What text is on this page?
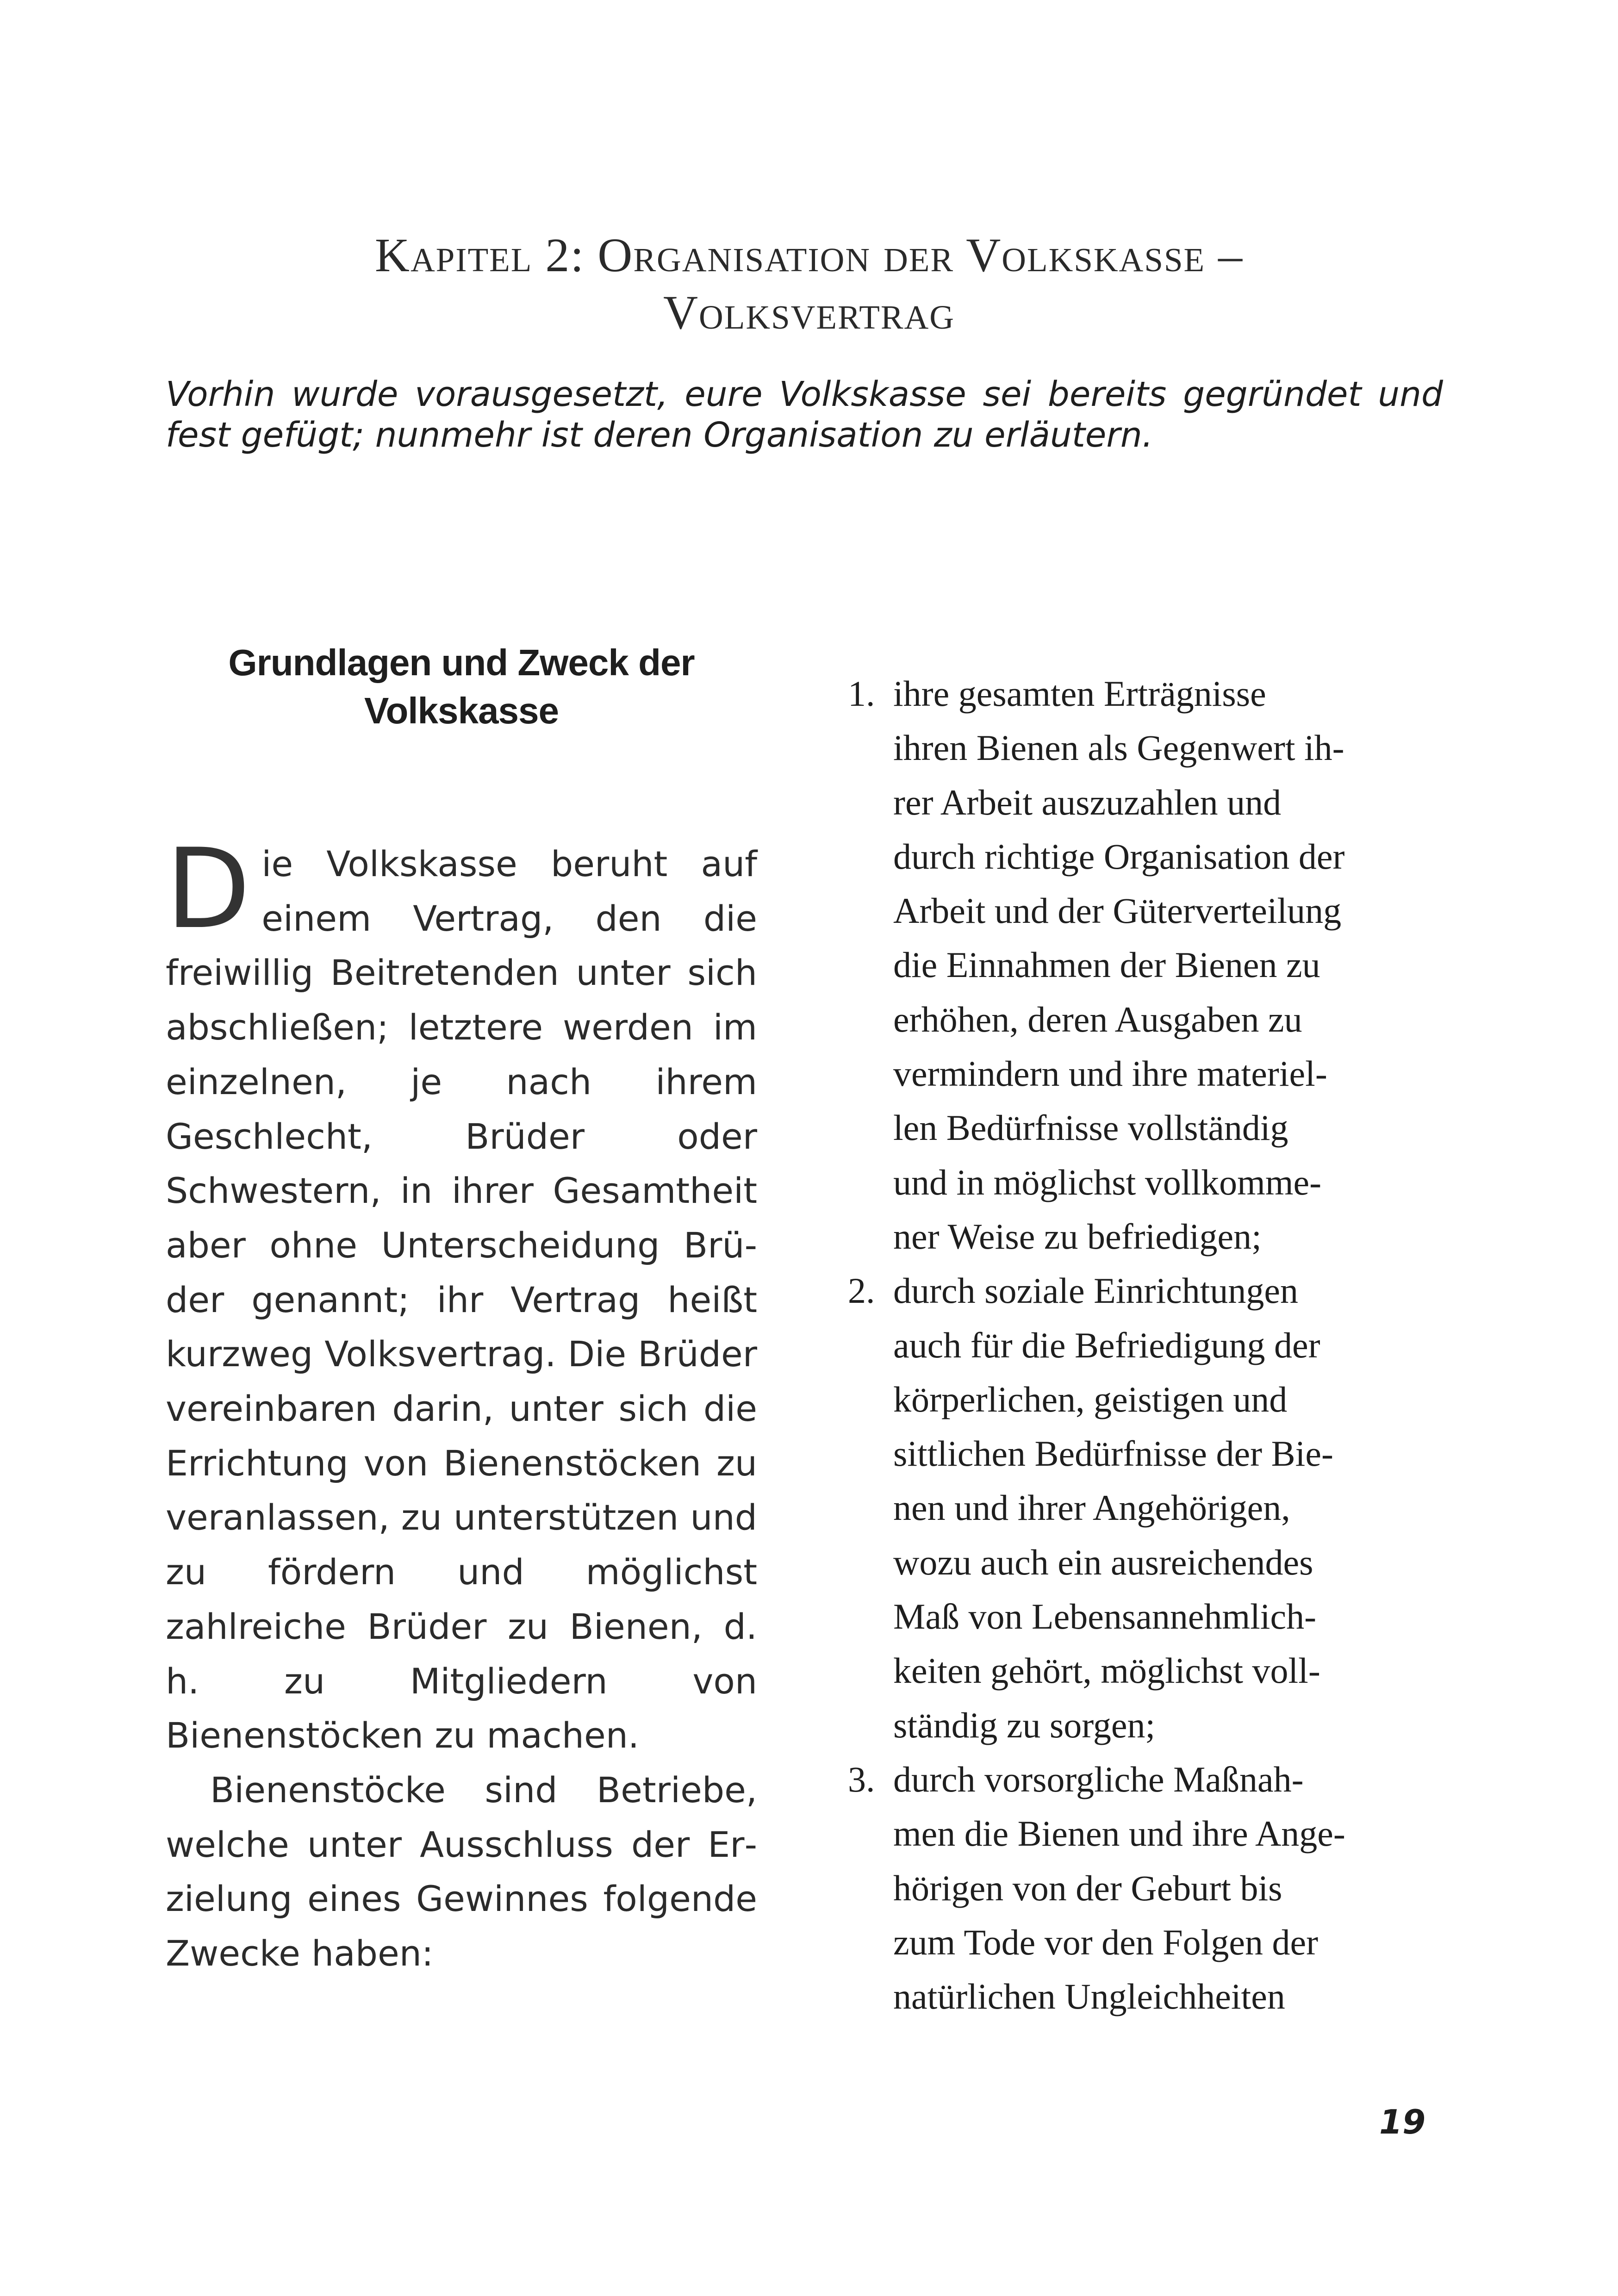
Kapitel 2: Organisation der Volkskasse –
Volksvertrag
Vorhin wurde vorausgesetzt, eure Volkskasse sei bereits gegründet und fest gefügt; nunmehr ist deren Organisation zu erläutern.
Grundlagen und Zweck der
Volkskasse

Die Volkskasse beruht auf einem Vertrag, den die freiwillig Beitretenden unter sich abschließen; letztere werden im einzelnen, je nach ihrem Geschlecht, Brüder oder Schwestern, in ihrer Gesamtheit aber ohne Unterscheidung Brüder genannt; ihr Vertrag heißt kurzweg Volksvertrag. Die Brüder vereinbaren darin, unter sich die Errichtung von Bienenstöcken zu veranlassen, zu unterstützen und zu fördern und möglichst zahlreiche Brüder zu Bienen, d. h. zu Mitgliedern von Bienenstöcken zu machen.

Bienenstöcke sind Betriebe, welche unter Ausschluss der Erzielung eines Gewinnes folgende Zwecke haben:

1. ihre gesamten Erträgnisse
ihren Bienen als Gegenwert ih-
rer Arbeit auszuzahlen und
durch richtige Organisation der
Arbeit und der Güterverteilung
die Einnahmen der Bienen zu
erhöhen, deren Ausgaben zu
vermindern und ihre materiel-
len Bedürfnisse vollständig
und in möglichst vollkomme-
ner Weise zu befriedigen;
2. durch soziale Einrichtungen
auch für die Befriedigung der
körperlichen, geistigen und
sittlichen Bedürfnisse der Bie-
nen und ihrer Angehörigen,
wozu auch ein ausreichendes
Maß von Lebensannehmlich-
keiten gehört, möglichst voll-
ständig zu sorgen;
3. durch vorsorgliche Maßnah-
men die Bienen und ihre Ange-
hörigen von der Geburt bis
zum Tode vor den Folgen der
natürlichen Ungleichheiten
19
